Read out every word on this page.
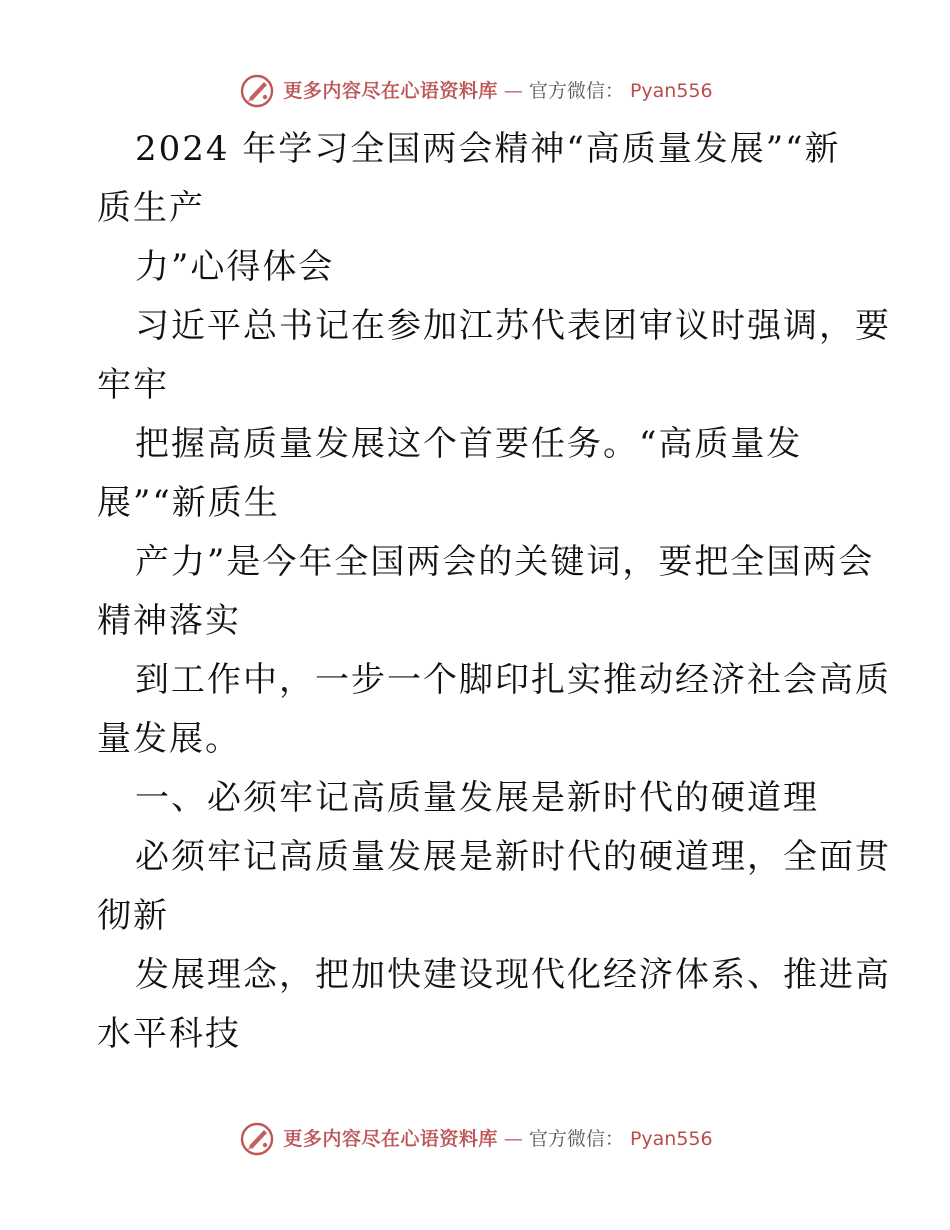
更多内容尽在心语资料库 — 官方微信： Pyan556

2024 年学习全国两会精神“高质量发展”“新

质生产

力”心得体会

习近平总书记在参加江苏代表团审议时强调，要

牢牢

把握高质量发展这个首要任务。“高质量发

展”“新质生

产力”是今年全国两会的关键词，要把全国两会

精神落实

到工作中，一步一个脚印扎实推动经济社会高质

量发展。

一、必须牢记高质量发展是新时代的硬道理

必须牢记高质量发展是新时代的硬道理，全面贯

彻新

发展理念，把加快建设现代化经济体系、推进高

水平科技

更多内容尽在心语资料库 — 官方微信： Pyan556
